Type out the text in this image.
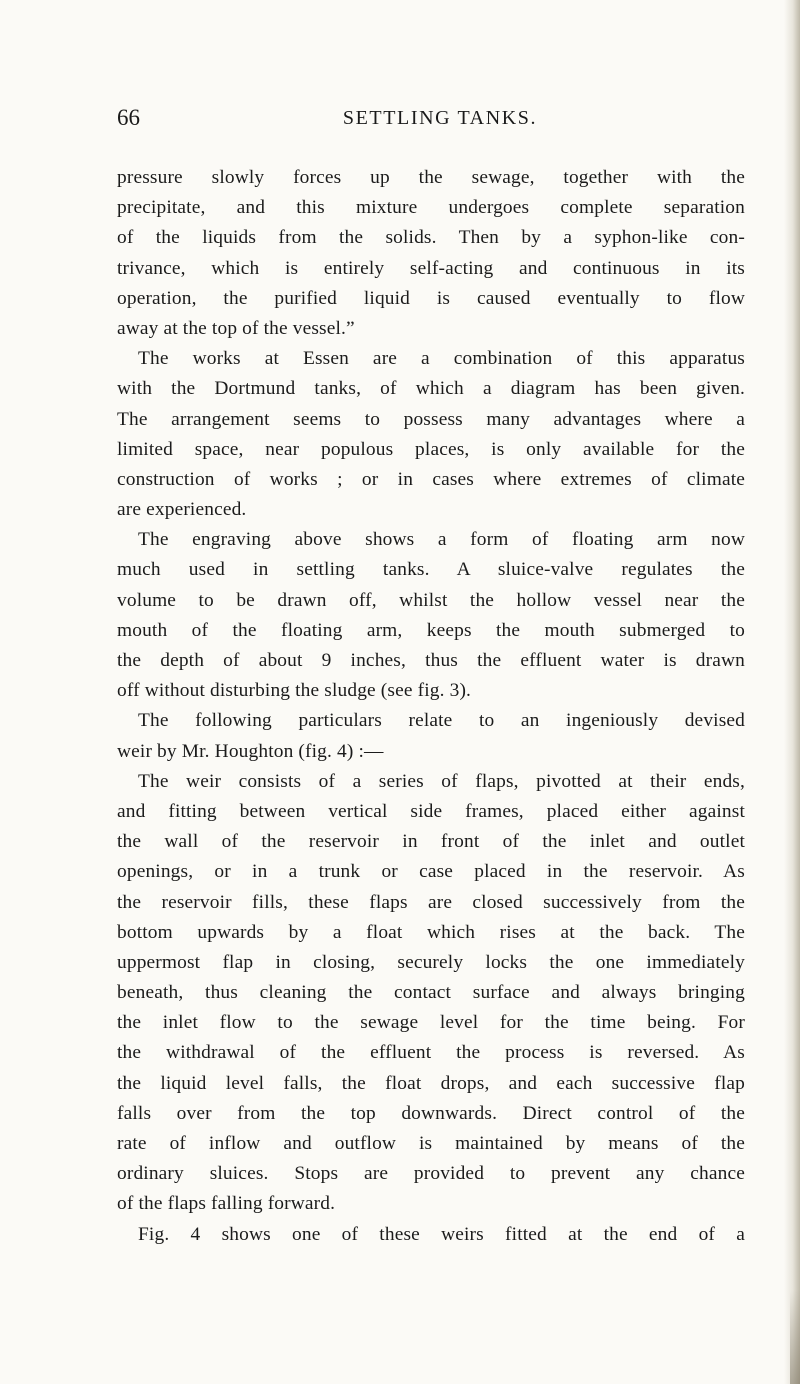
66	SETTLING TANKS.
pressure slowly forces up the sewage, together with the
precipitate, and this mixture undergoes complete separation
of the liquids from the solids. Then by a syphon-like con-
trivance, which is entirely self-acting and continuous in its
operation, the purified liquid is caused eventually to flow
away at the top of the vessel.”
The works at Essen are a combination of this apparatus
with the Dortmund tanks, of which a diagram has been given.
The arrangement seems to possess many advantages where a
limited space, near populous places, is only available for the
construction of works ; or in cases where extremes of climate
are experienced.
The engraving above shows a form of floating arm now
much used in settling tanks. A sluice-valve regulates the
volume to be drawn off, whilst the hollow vessel near the
mouth of the floating arm, keeps the mouth submerged to
the depth of about 9 inches, thus the effluent water is drawn
off without disturbing the sludge (see fig. 3).
The following particulars relate to an ingeniously devised
weir by Mr. Houghton (fig. 4) :—
The weir consists of a series of flaps, pivotted at their ends,
and fitting between vertical side frames, placed either against
the wall of the reservoir in front of the inlet and outlet
openings, or in a trunk or case placed in the reservoir. As
the reservoir fills, these flaps are closed successively from the
bottom upwards by a float which rises at the back. The
uppermost flap in closing, securely locks the one immediately
beneath, thus cleaning the contact surface and always bringing
the inlet flow to the sewage level for the time being. For
the withdrawal of the effluent the process is reversed. As
the liquid level falls, the float drops, and each successive flap
falls over from the top downwards. Direct control of the
rate of inflow and outflow is maintained by means of the
ordinary sluices. Stops are provided to prevent any chance
of the flaps falling forward.
Fig. 4 shows one of these weirs fitted at the end of a
